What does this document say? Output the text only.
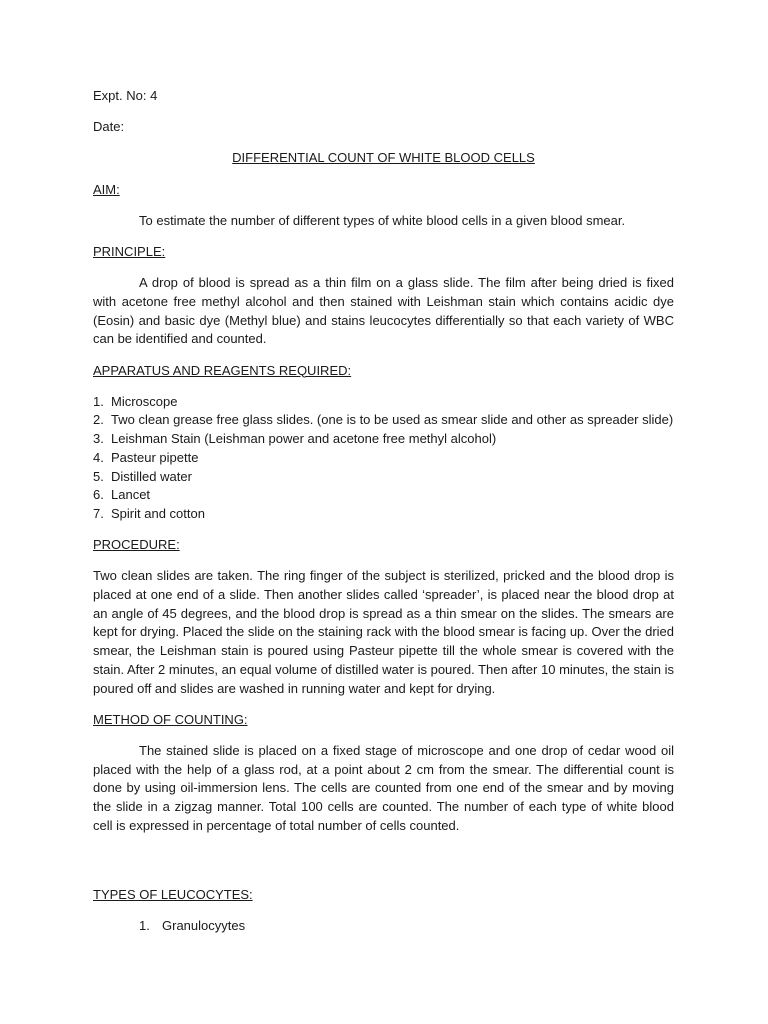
Expt. No: 4

Date:

DIFFERENTIAL COUNT OF WHITE BLOOD CELLS

AIM:

To estimate the number of different types of white blood cells in a given blood smear.

PRINCIPLE:

A drop of blood is spread as a thin film on a glass slide. The film after being dried is fixed with acetone free methyl alcohol and then stained with Leishman stain which contains acidic dye (Eosin) and basic dye (Methyl blue) and stains leucocytes differentially so that each variety of WBC can be identified and counted.

APPARATUS AND REAGENTS REQUIRED:

1. Microscope
2. Two clean grease free glass slides. (one is to be used as smear slide and other as spreader slide)
3. Leishman Stain (Leishman power and acetone free methyl alcohol)
4. Pasteur pipette
5. Distilled water
6. Lancet
7. Spirit and cotton

PROCEDURE:

Two clean slides are taken. The ring finger of the subject is sterilized, pricked and the blood drop is placed at one end of a slide. Then another slides called ‘spreader’, is placed near the blood drop at an angle of 45 degrees, and the blood drop is spread as a thin smear on the slides. The smears are kept for drying. Placed the slide on the staining rack with the blood smear is facing up. Over the dried smear, the Leishman stain is poured using Pasteur pipette till the whole smear is covered with the stain. After 2 minutes, an equal volume of distilled water is poured. Then after 10 minutes, the stain is poured off and slides are washed in running water and kept for drying.

METHOD OF COUNTING:

The stained slide is placed on a fixed stage of microscope and one drop of cedar wood oil placed with the help of a glass rod, at a point about 2 cm from the smear. The differential count is done by using oil-immersion lens. The cells are counted from one end of the smear and by moving the slide in a zigzag manner. Total 100 cells are counted. The number of each type of white blood cell is expressed in percentage of total number of cells counted.

TYPES OF LEUCOCYTES:

1. Granulocyytes
